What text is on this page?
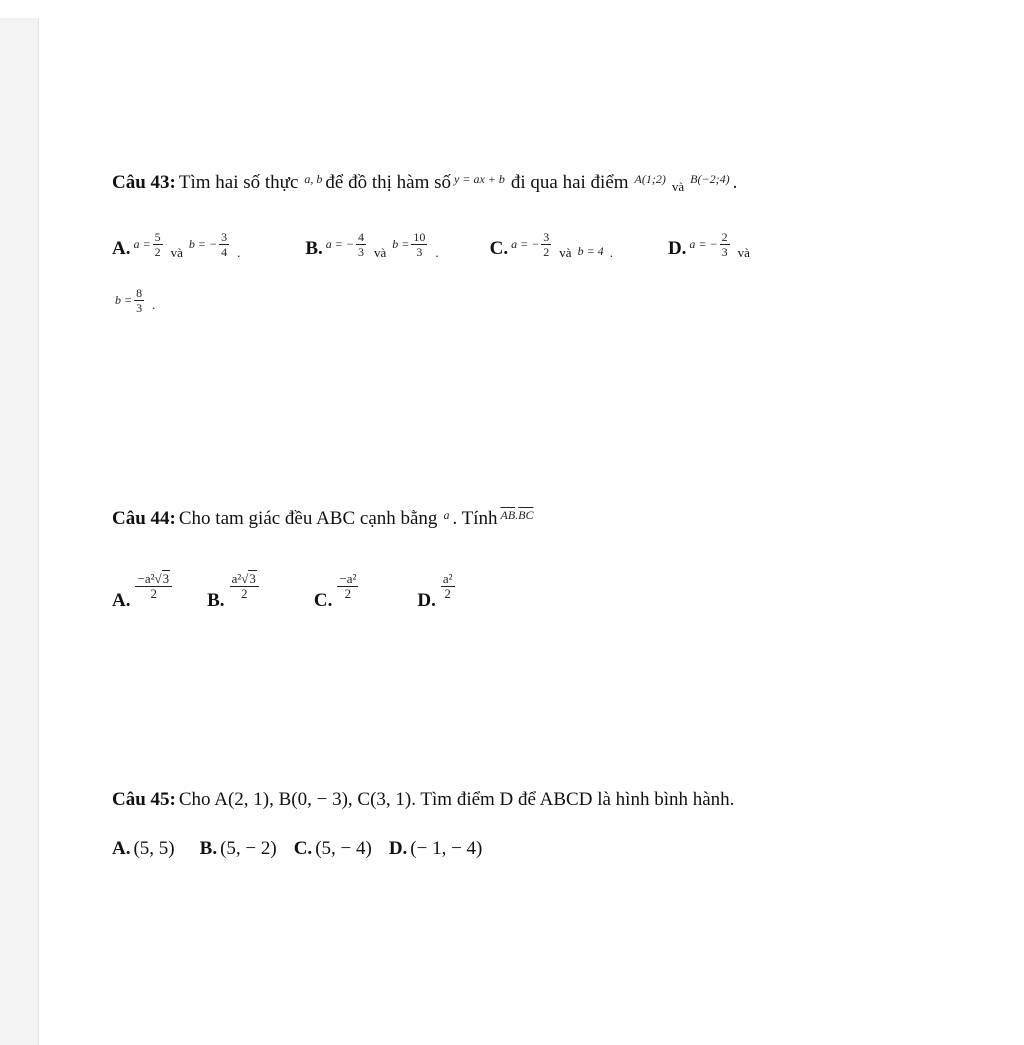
Câu 43: Tìm hai số thực a, b để đồ thị hàm số y = ax + b đi qua hai điểm A(1;2)
và
B(−2;4) .
A. $a = \frac{5}{2}$ và
b = − $\frac{3}{4}$ .	B. a = − $\frac{4}{3}$ và
$b = \frac{10}{3}$ .	C. a = − $\frac{3}{2}$ và b = 4 .	D. a = − $\frac{2}{3}$ và
$b = \frac{8}{3}$ .
Câu 44: Cho tam giác đều ABC cạnh bằng a . Tính $\overline{AB}$ . $\overline{BC}$
A. $\frac{\text{−a²√3}}{2} B$. $\frac{\text{a²√3}}{2}$	C. $\frac{\text{−a²}}{2}$	D. $\frac{\text{a²}}{2}$
Câu 45: Cho A(2, 1), B(0, − 3), C(3, 1). Tìm điểm D để ABCD là hình bình hành.
A. (5, 5) B. (5, − 2) C. (5, − 4) D. (− 1, − 4)
